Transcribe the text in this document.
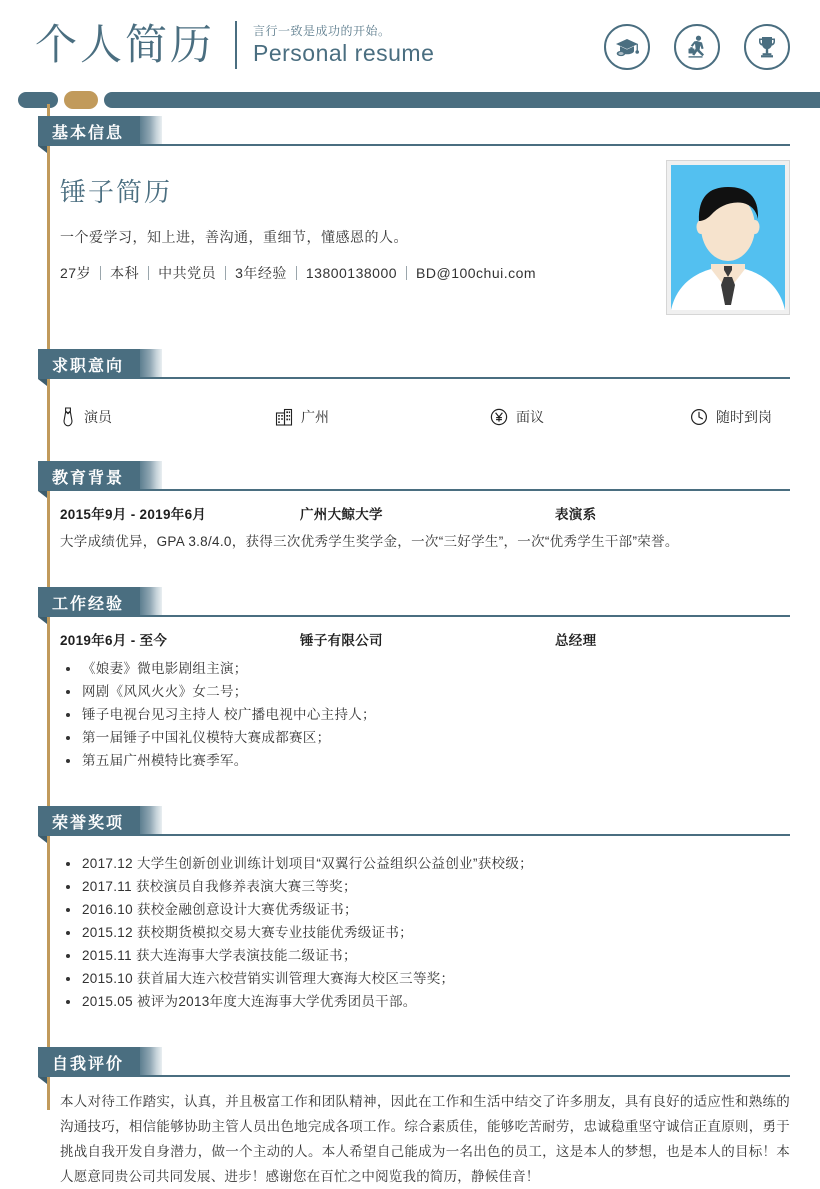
个人简历	言行一致是成功的开始。
Personal resume
基本信息
锤子简历
一个爱学习，知上进，善沟通，重细节，懂感恩的人。
27岁 本科 中共党员 3年经验 13800138000 BD@100chui.com
求职意向
演员	广州	面议	随时到岗
教育背景
2015年9月 - 2019年6月	广州大鲸大学	表演系
大学成绩优异，GPA 3.8/4.0，获得三次优秀学生奖学金，一次“三好学生”，一次“优秀学生干部”荣誉。
工作经验
2019年6月 - 至今	锤子有限公司	总经理
《娘妻》微电影剧组主演；
网剧《风风火火》女二号；
锤子电视台见习主持人 校广播电视中心主持人；
第一届锤子中国礼仪模特大赛成都赛区；
第五届广州模特比赛季军。
荣誉奖项
2017.12 大学生创新创业训练计划项目“双翼行公益组织公益创业”获校级；
2017.11 获校演员自我修养表演大赛三等奖；
2016.10 获校金融创意设计大赛优秀级证书；
2015.12 获校期货模拟交易大赛专业技能优秀级证书；
2015.11 获大连海事大学表演技能二级证书；
2015.10 获首届大连六校营销实训管理大赛海大校区三等奖；
2015.05 被评为2013年度大连海事大学优秀团员干部。
自我评价
本人对待工作踏实，认真，并且极富工作和团队精神，因此在工作和生活中结交了许多朋友，具有良好的适应性和熟练的沟通技巧，相信能够协助主管人员出色地完成各项工作。综合素质佳，能够吃苦耐劳，忠诚稳重坚守诚信正直原则，勇于挑战自我开发自身潜力，做一个主动的人。本人希望自己能成为一名出色的员工，这是本人的梦想，也是本人的目标！本人愿意同贵公司共同发展、进步！感谢您在百忙之中阅览我的简历，静候佳音！
